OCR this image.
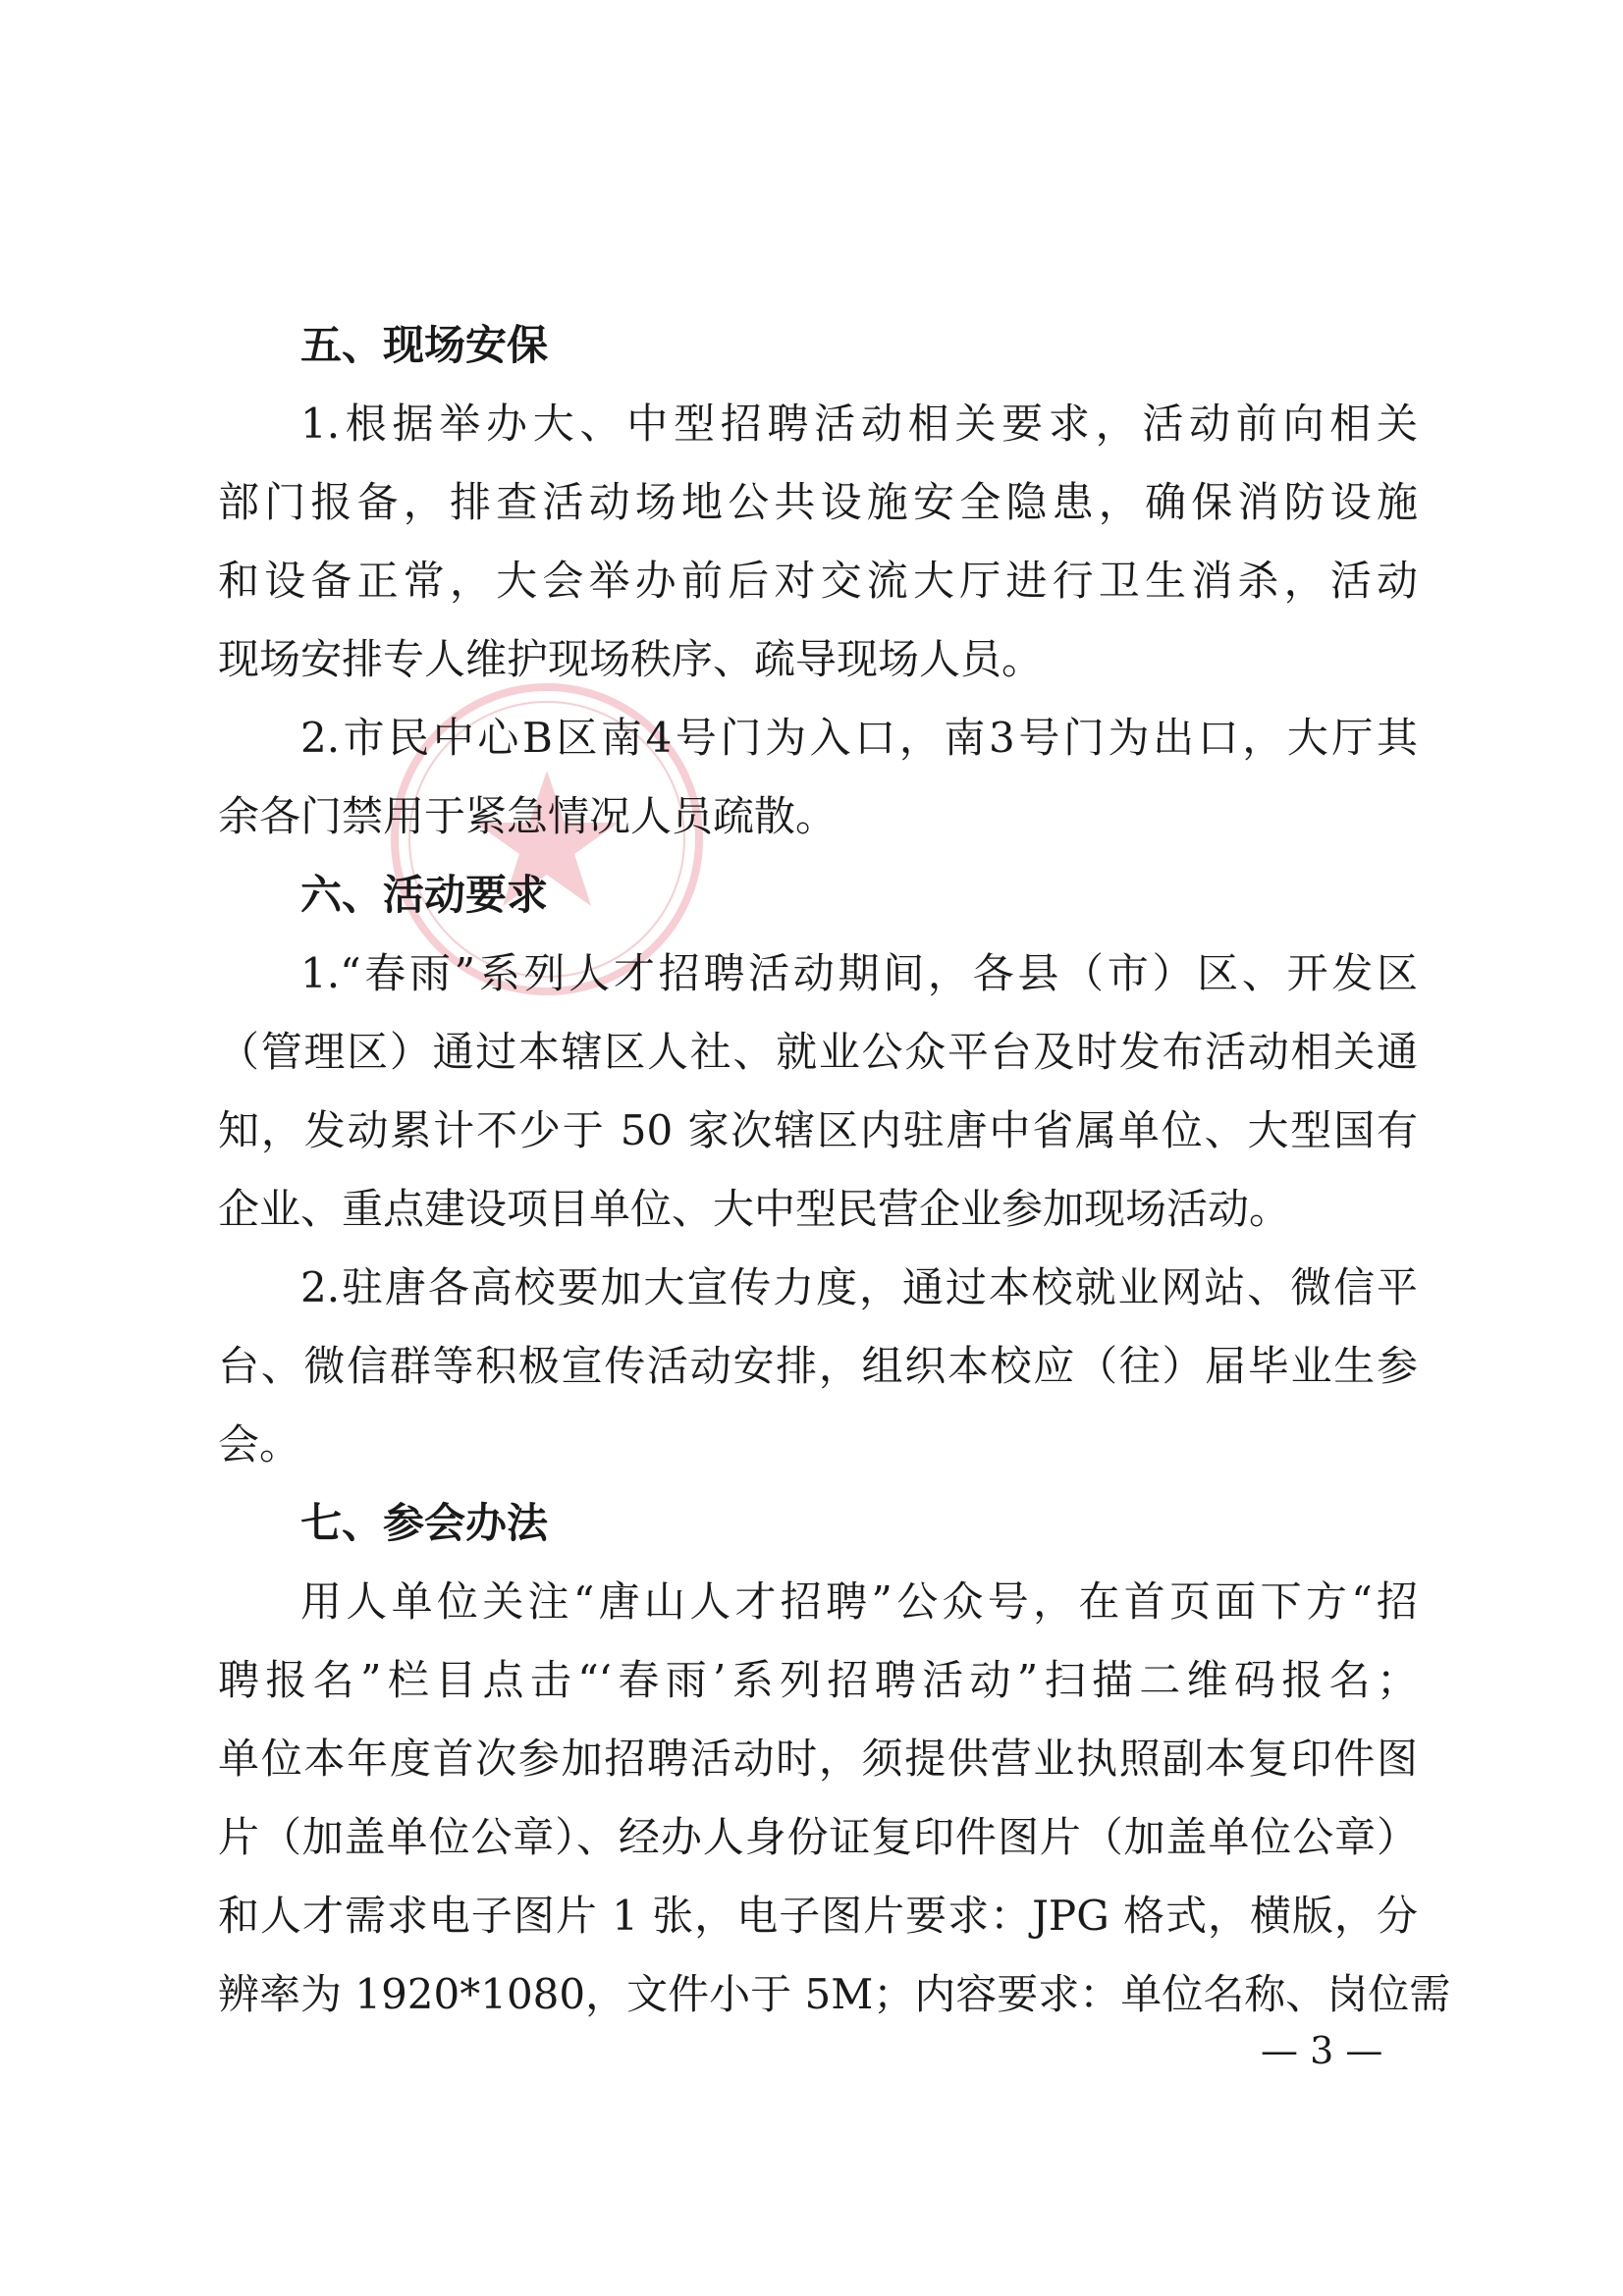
五、现场安保
1.根据举办大、中型招聘活动相关要求，活动前向相关
部门报备，排查活动场地公共设施安全隐患，确保消防设施
和设备正常，大会举办前后对交流大厅进行卫生消杀，活动
现场安排专人维护现场秩序、疏导现场人员。
2.市民中心B区南4号门为入口，南3号门为出口，大厅其
余各门禁用于紧急情况人员疏散。
六、活动要求
1.“春雨”系列人才招聘活动期间，各县（市）区、开发区
（管理区）通过本辖区人社、就业公众平台及时发布活动相关通
知，发动累计不少于 50 家次辖区内驻唐中省属单位、大型国有
企业、重点建设项目单位、大中型民营企业参加现场活动。
2.驻唐各高校要加大宣传力度，通过本校就业网站、微信平
台、微信群等积极宣传活动安排，组织本校应（往）届毕业生参
会。
七、参会办法
用人单位关注“唐山人才招聘”公众号，在首页面下方“招
聘报名”栏目点击“‘春雨’系列招聘活动”扫描二维码报名；
单位本年度首次参加招聘活动时，须提供营业执照副本复印件图
片（加盖单位公章）、经办人身份证复印件图片（加盖单位公章）
和人才需求电子图片 1 张，电子图片要求：JPG 格式，横版，分
辨率为 1920*1080，文件小于 5M；内容要求：单位名称、岗位需
— 3 —
